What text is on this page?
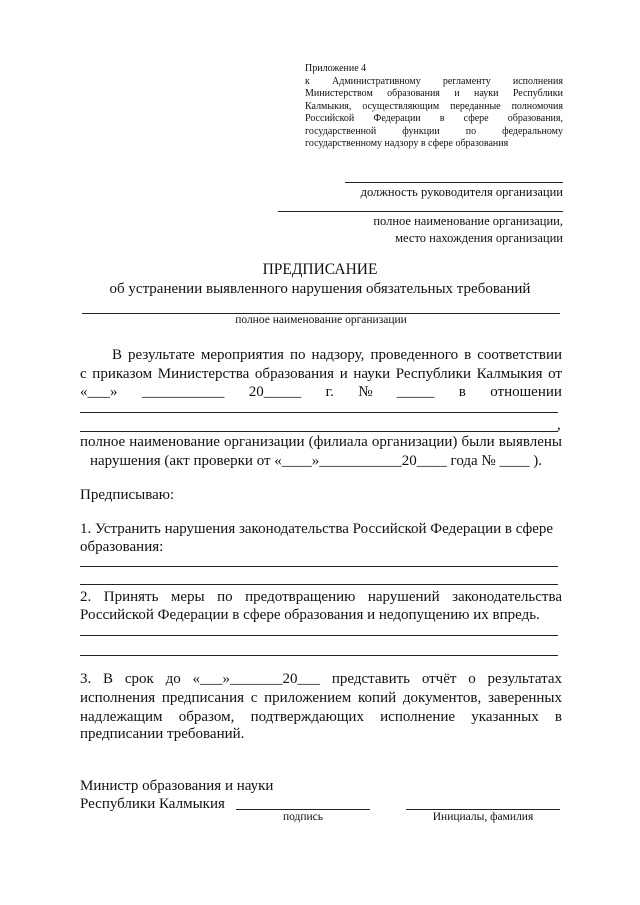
Приложение 4
к Административному регламенту исполнения
Министерством образования и науки Республики
Калмыкия, осуществляющим переданные полномочия
Российской Федерации в сфере образования,
государственной функции по федеральному
государственному надзору в сфере образования
должность руководителя организации
полное наименование организации,
место нахождения организации
ПРЕДПИСАНИЕ
об устранении выявленного нарушения обязательных требований
полное наименование организации
В результате мероприятия по надзору, проведенного в соответствии
с приказом Министерства образования и науки Республики Калмыкия от
«___» ___________ 20_____ г. № _____ в отношении
,
полное наименование организации (филиала организации) были выявлены
нарушения (акт проверки от «____»___________20____ года № ____ ).
Предписываю:
1. Устранить нарушения законодательства Российской Федерации в сфере
образования:
2. Принять меры по предотвращению нарушений законодательства
Российской Федерации в сфере образования и недопущению их впредь.
3. В срок до «___»_______20___ представить отчёт о результатах
исполнения предписания с приложением копий документов, заверенных
надлежащим образом, подтверждающих исполнение указанных в
предписании требований.
Министр образования и науки
Республики Калмыкия
подпись	Инициалы, фамилия
